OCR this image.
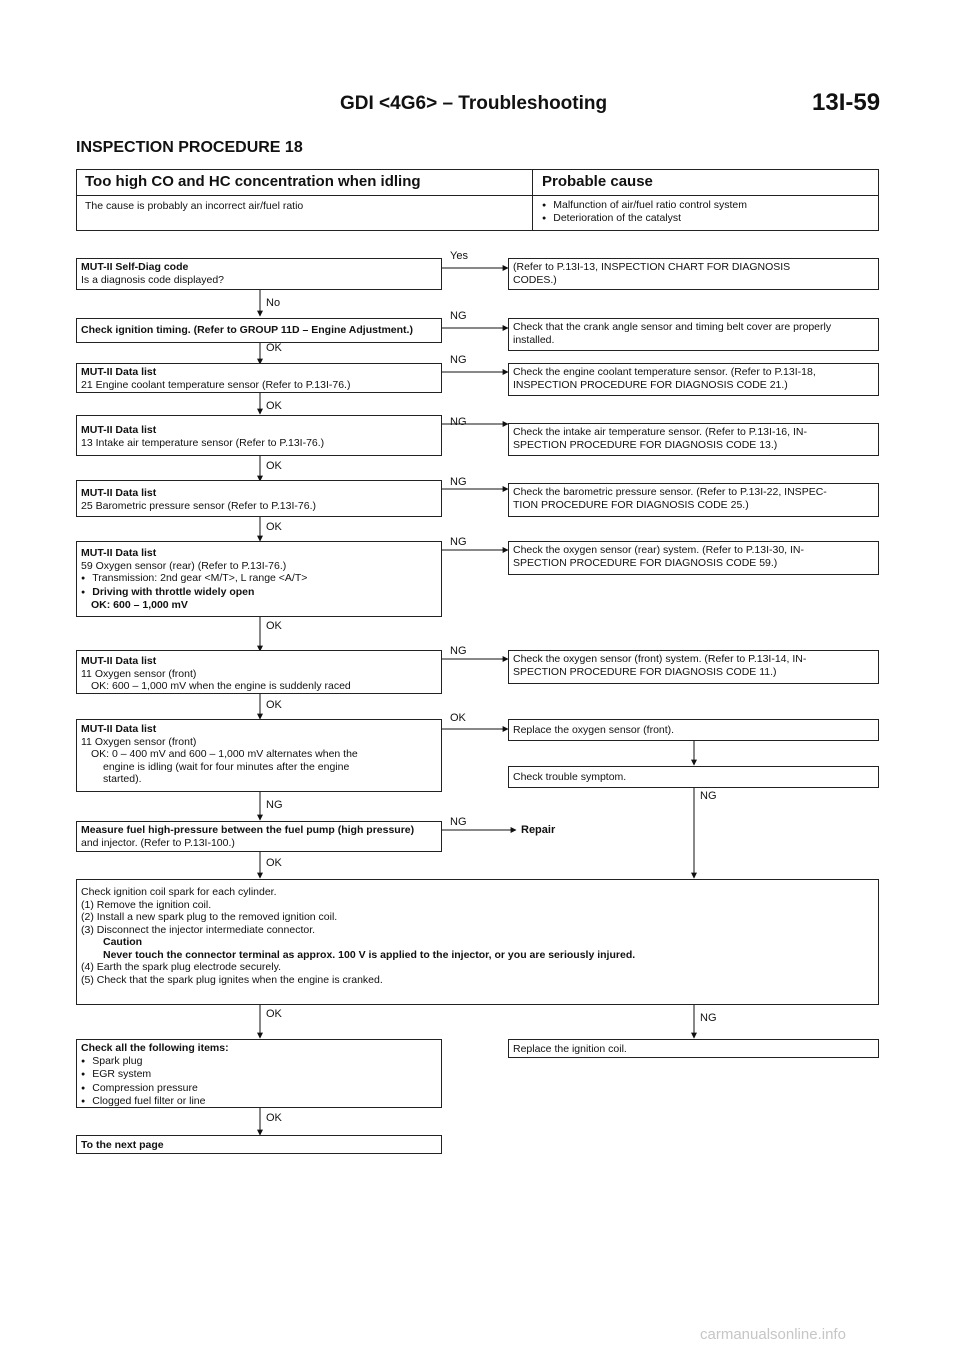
GDI <4G6> – Troubleshooting	13I-59
INSPECTION PROCEDURE 18
Too high CO and HC concentration when idling	Probable cause
The cause is probably an incorrect air/fuel ratio
●	Malfunction of air/fuel ratio control system
● Deterioration of the catalyst
MUT-II Self-Diag code
Is a diagnosis code displayed?
Check ignition timing. (Refer to GROUP 11D – Engine Adjustment.)
MUT-II Data list
21 Engine coolant temperature sensor (Refer to P.13I-76.)
MUT-II Data list
13 Intake air temperature sensor (Refer to P.13I-76.)
MUT-II Data list
25 Barometric pressure sensor (Refer to P.13I-76.)
MUT-II Data list
59 Oxygen sensor (rear) (Refer to P.13I-76.)
● Transmission: 2nd gear <M/T>, L range <A/T>
● Driving with throttle widely open
OK: 600 – 1,000 mV
MUT-II Data list
11 Oxygen sensor (front)
OK: 600 – 1,000 mV when the engine is suddenly raced
MUT-II Data list
11 Oxygen sensor (front)
OK: 0 – 400 mV and 600 – 1,000 mV alternates when the
engine is idling (wait for four minutes after the engine
started).
Measure fuel high-pressure between the fuel pump (high pressure)
and injector. (Refer to P.13I-100.)
Check ignition coil spark for each cylinder.
(1) Remove the ignition coil.
(2) Install a new spark plug to the removed ignition coil.
(3) Disconnect the injector intermediate connector.
Caution
Never touch the connector terminal as approx. 100 V is applied to the injector, or you are seriously injured.
(4) Earth the spark plug electrode securely.
(5) Check that the spark plug ignites when the engine is cranked.
Check all the following items:
● Spark plug
● EGR system
● Compression pressure
● Clogged fuel filter or line
To the next page
(Refer to P.13I-13, INSPECTION CHART FOR DIAGNOSIS
CODES.)
Check that the crank angle sensor and timing belt cover are properly
installed.
Check the engine coolant temperature sensor. (Refer to P.13I-18,
INSPECTION PROCEDURE FOR DIAGNOSIS CODE 21.)
Check the intake air temperature sensor. (Refer to P.13I-16, IN-
SPECTION PROCEDURE FOR DIAGNOSIS CODE 13.)
Check the barometric pressure sensor. (Refer to P.13I-22, INSPEC-
TION PROCEDURE FOR DIAGNOSIS CODE 25.)
Check the oxygen sensor (rear) system. (Refer to P.13I-30, IN-
SPECTION PROCEDURE FOR DIAGNOSIS CODE 59.)
Check the oxygen sensor (front) system. (Refer to P.13I-14, IN-
SPECTION PROCEDURE FOR DIAGNOSIS CODE 11.)
Replace the oxygen sensor (front).
Check trouble symptom.
Repair
Replace the ignition coil.
Yes
No
NG
OK
NG
OK
NG
OK
NG
OK
NG
OK
NG
OK
OK
NG
NG
NG
OK
OK	NG
OK
carmanualsonline.info
